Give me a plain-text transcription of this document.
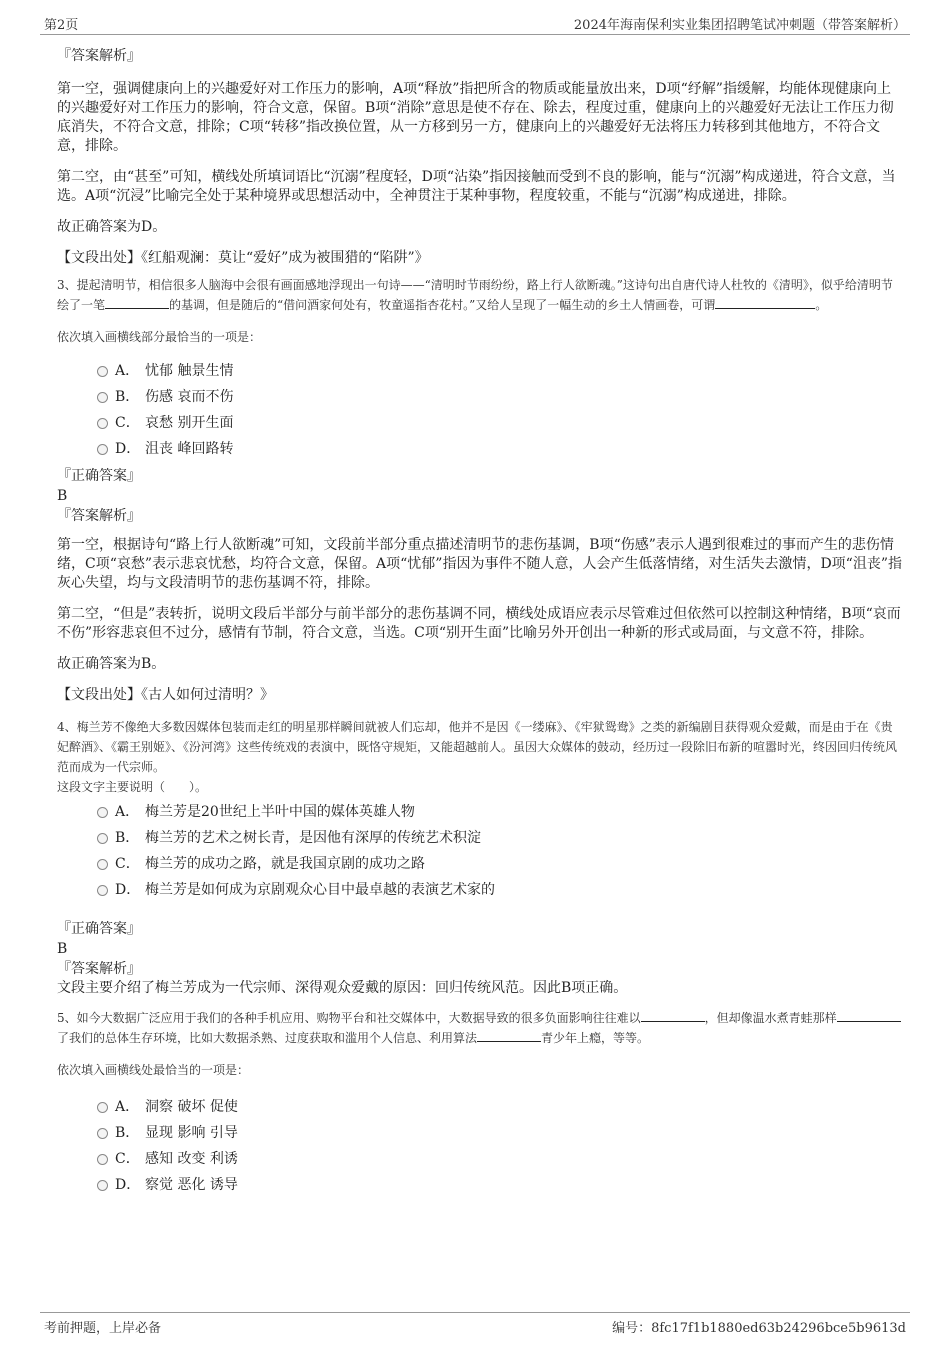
第2页	2024年海南保利实业集团招聘笔试冲刺题（带答案解析）

『答案解析』

第一空，强调健康向上的兴趣爱好对工作压力的影响，A项“释放”指把所含的物质或能量放出来，D项“纾解”指缓解，均能体现健康向上的兴趣爱好对工作压力的影响，符合文意，保留。B项“消除”意思是使不存在、除去，程度过重，健康向上的兴趣爱好无法让工作压力彻底消失，不符合文意，排除；C项“转移”指改换位置，从一方移到另一方，健康向上的兴趣爱好无法将压力转移到其他地方，不符合文意，排除。

第二空，由“甚至”可知，横线处所填词语比“沉溺”程度轻，D项“沾染”指因接触而受到不良的影响，能与“沉溺”构成递进，符合文意，当选。A项“沉浸”比喻完全处于某种境界或思想活动中，全神贯注于某种事物，程度较重，不能与“沉溺”构成递进，排除。

故正确答案为D。

【文段出处】《红船观澜：莫让“爱好”成为被围猎的“陷阱”》

3、提起清明节，相信很多人脑海中会很有画面感地浮现出一句诗——“清明时节雨纷纷，路上行人欲断魂。”这诗句出自唐代诗人杜牧的《清明》，似乎给清明节绘了一笔	的基调，但是随后的“借问酒家何处有，牧童遥指杏花村。”又给人呈现了一幅生动的乡土人情画卷，可谓	。

依次填入画横线部分最恰当的一项是：

A． 忧郁 触景生情
B． 伤感 哀而不伤
C． 哀愁 别开生面
D． 沮丧 峰回路转

『正确答案』

B

『答案解析』

第一空，根据诗句“路上行人欲断魂”可知，文段前半部分重点描述清明节的悲伤基调，B项“伤感”表示人遇到很难过的事而产生的悲伤情绪，C项“哀愁”表示悲哀忧愁，均符合文意，保留。A项“忧郁”指因为事件不随人意，人会产生低落情绪，对生活失去激情，D项“沮丧”指灰心失望，均与文段清明节的悲伤基调不符，排除。

第二空，“但是”表转折，说明文段后半部分与前半部分的悲伤基调不同，横线处成语应表示尽管难过但依然可以控制这种情绪，B项“哀而不伤”形容悲哀但不过分，感情有节制，符合文意，当选。C项“别开生面”比喻另外开创出一种新的形式或局面，与文意不符，排除。

故正确答案为B。

【文段出处】《古人如何过清明？》

4、梅兰芳不像绝大多数因媒体包装而走红的明星那样瞬间就被人们忘却，他并不是因《一缕麻》、《牢狱鸳鸯》之类的新编剧目获得观众爱戴，而是由于在《贵妃醉酒》、《霸王别姬》、《汾河湾》这些传统戏的表演中，既恪守规矩，又能超越前人。虽因大众媒体的鼓动，经历过一段除旧布新的喧嚣时光，终因回归传统风范而成为一代宗师。

这段文字主要说明（　　）。

A． 梅兰芳是20世纪上半叶中国的媒体英雄人物
B． 梅兰芳的艺术之树长青，是因他有深厚的传统艺术积淀
C． 梅兰芳的成功之路，就是我国京剧的成功之路
D． 梅兰芳是如何成为京剧观众心目中最卓越的表演艺术家的

『正确答案』

B

『答案解析』

文段主要介绍了梅兰芳成为一代宗师、深得观众爱戴的原因：回归传统风范。因此B项正确。

5、如今大数据广泛应用于我们的各种手机应用、购物平台和社交媒体中，大数据导致的很多负面影响往往难以	，但却像温水煮青蛙那样了我们的总体生存环境，比如大数据杀熟、过度获取和滥用个人信息、利用算法	青少年上瘾，等等。

依次填入画横线处最恰当的一项是：

A． 洞察 破坏 促使
B． 显现 影响 引导
C． 感知 改变 利诱
D． 察觉 恶化 诱导
考前押题，上岸必备	编号：8fc17f1b1880ed63b24296bce5b9613d
